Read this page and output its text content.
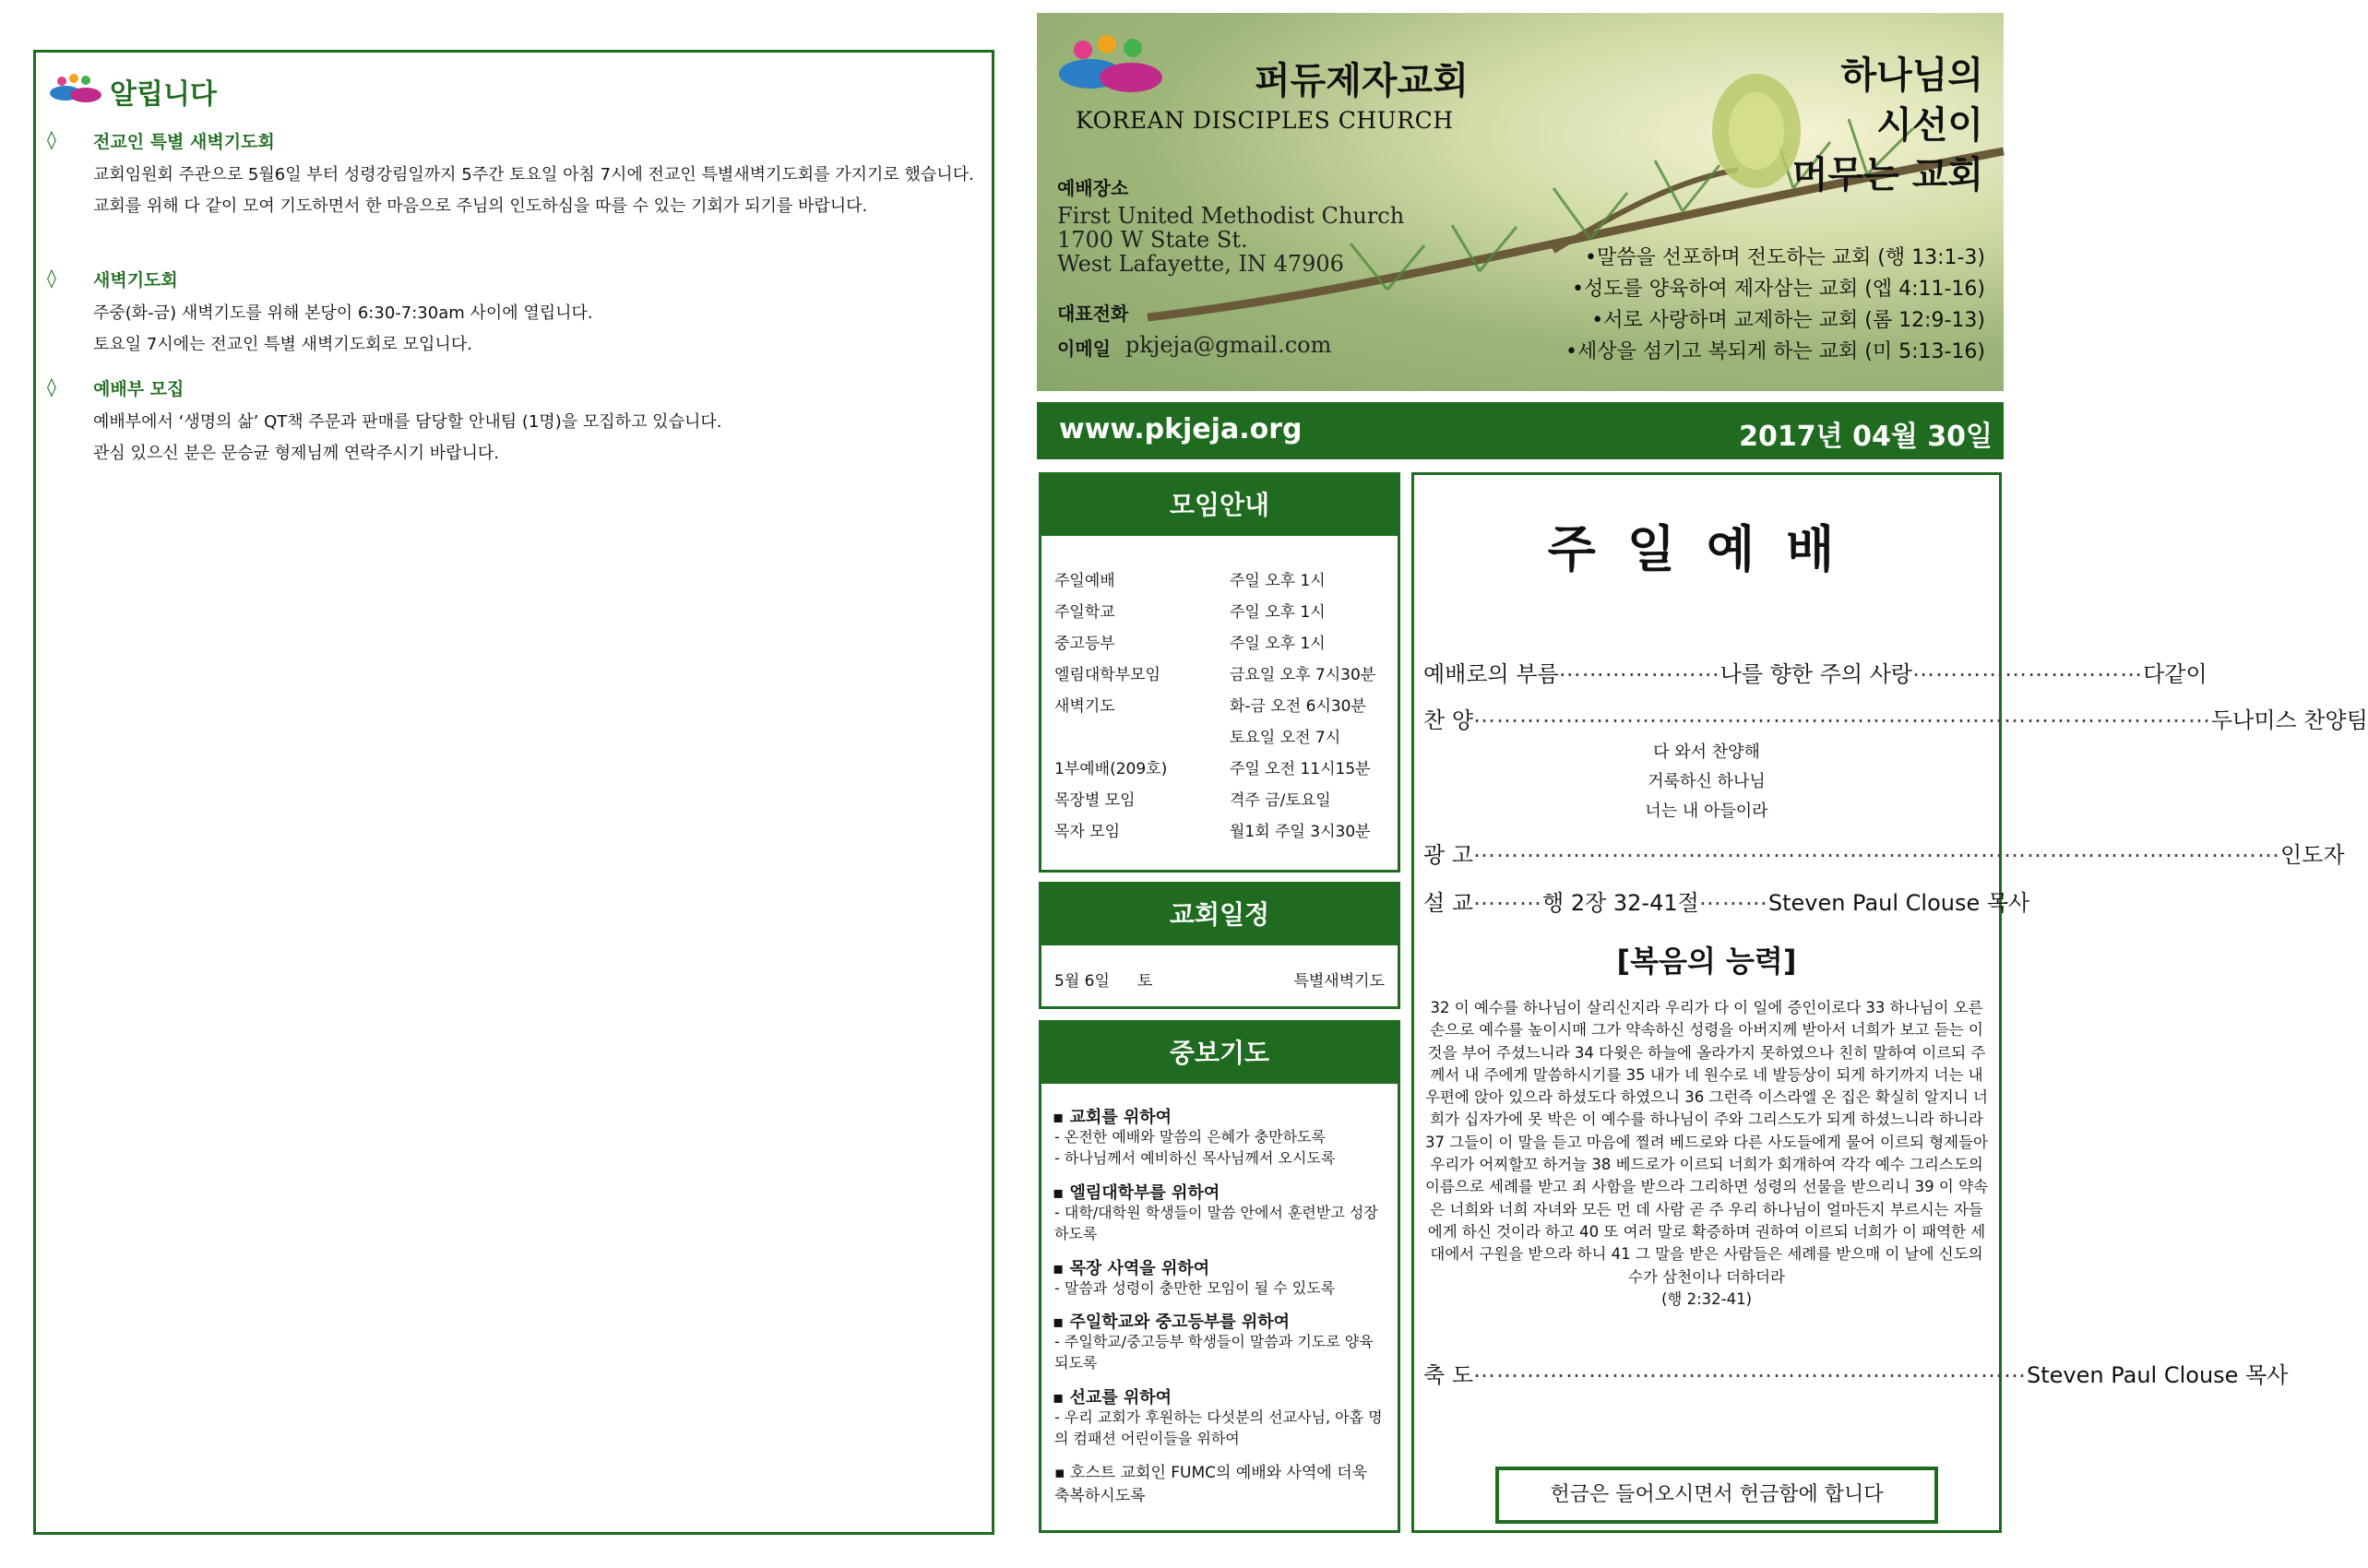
알립니다
◊ 전교인 특별 새벽기도회
교회임원회 주관으로 5월6일 부터 성령강림일까지 5주간 토요일 아침 7시에 전교인 특별새벽기도회를 가지기로 했습니다. 교회를 위해 다 같이 모여 기도하면서 한 마음으로 주님의 인도하심을 따를 수 있는 기회가 되기를 바랍니다.
◊ 새벽기도회
주중(화-금) 새벽기도를 위해 본당이 6:30-7:30am 사이에 열립니다.
토요일 7시에는 전교인 특별 새벽기도회로 모입니다.
◊ 예배부 모집
예배부에서 ‘생명의 삶’ QT책 주문과 판매를 담당할 안내팀 (1명)을 모집하고 있습니다.
관심 있으신 분은 문승균 형제님께 연락주시기 바랍니다.
퍼듀제자교회
KOREAN DISCIPLES CHURCH
하나님의
시선이
머무는 교회
예배장소
First United Methodist Church
1700 W State St.
West Lafayette, IN 47906
대표전화
이메일 pkjeja@gmail.com
•말씀을 선포하며 전도하는 교회 (행 13:1-3)
•성도를 양육하여 제자삼는 교회 (엡 4:11-16)
•서로 사랑하며 교제하는 교회 (롬 12:9-13)
•세상을 섬기고 복되게 하는 교회 (미 5:13-16)
www.pkjeja.org	2017년 04월 30일
모임안내
주일예배	주일 오후 1시
주일학교	주일 오후 1시
중고등부	주일 오후 1시
엘림대학부모임	금요일 오후 7시30분
새벽기도	화-금 오전 6시30분
토요일 오전 7시
1부예배(209호)	주일 오전 11시15분
목장별 모임	격주 금/토요일
목자 모임	월1회 주일 3시30분
교회일정
5월 6일 토	특별새벽기도
중보기도
▪ 교회를 위하여
- 온전한 예배와 말씀의 은혜가 충만하도록
- 하나님께서 예비하신 목사님께서 오시도록
▪ 엘림대학부를 위하여
- 대학/대학원 학생들이 말씀 안에서 훈련받고 성장하도록
▪ 목장 사역을 위하여
- 말씀과 성령이 충만한 모임이 될 수 있도록
▪ 주일학교와 중고등부를 위하여
- 주일학교/중고등부 학생들이 말씀과 기도로 양육되도록
▪ 선교를 위하여
- 우리 교회가 후원하는 다섯분의 선교사님, 아홉 명의 컴패션 어린이들을 위하여
▪ 호스트 교회인 FUMC의 예배와 사역에 더욱 축복하시도록
주일예배
예배로의 부름 ………………… 나를 향한 주의 사랑 ………………………… 다같이
찬 양 …………………………………………………………………………………… 두나미스 찬양팀
다 와서 찬양해
거룩하신 하나님
너는 내 아들이라
광 고 …………………………………………………………………………………………… 인도자
설 교 ……… 행 2장 32-41절 ……… Steven Paul Clouse 목사
[복음의 능력]
32 이 예수를 하나님이 살리신지라 우리가 다 이 일에 증인이로다 33 하나님이 오른손으로 예수를 높이시매 그가 약속하신 성령을 아버지께 받아서 너희가 보고 듣는 이것을 부어 주셨느니라 34 다윗은 하늘에 올라가지 못하였으나 친히 말하여 이르되 주께서 내 주에게 말씀하시기를 35 내가 네 원수로 네 발등상이 되게 하기까지 너는 내 우편에 앉아 있으라 하셨도다 하였으니 36 그런즉 이스라엘 온 집은 확실히 알지니 너희가 십자가에 못 박은 이 예수를 하나님이 주와 그리스도가 되게 하셨느니라 하니라 37 그들이 이 말을 듣고 마음에 찔려 베드로와 다른 사도들에게 물어 이르되 형제들아 우리가 어찌할꼬 하거늘 38 베드로가 이르되 너희가 회개하여 각각 예수 그리스도의 이름으로 세례를 받고 죄 사함을 받으라 그리하면 성령의 선물을 받으리니 39 이 약속은 너희와 너희 자녀와 모든 먼 데 사람 곧 주 우리 하나님이 얼마든지 부르시는 자들에게 하신 것이라 하고 40 또 여러 말로 확증하며 권하여 이르되 너희가 이 패역한 세대에서 구원을 받으라 하니 41 그 말을 받은 사람들은 세례를 받으매 이 날에 신도의 수가 삼천이나 더하더라
(행 2:32-41)
축 도 ……………………………………………………………… Steven Paul Clouse 목사
헌금은 들어오시면서 헌금함에 합니다
